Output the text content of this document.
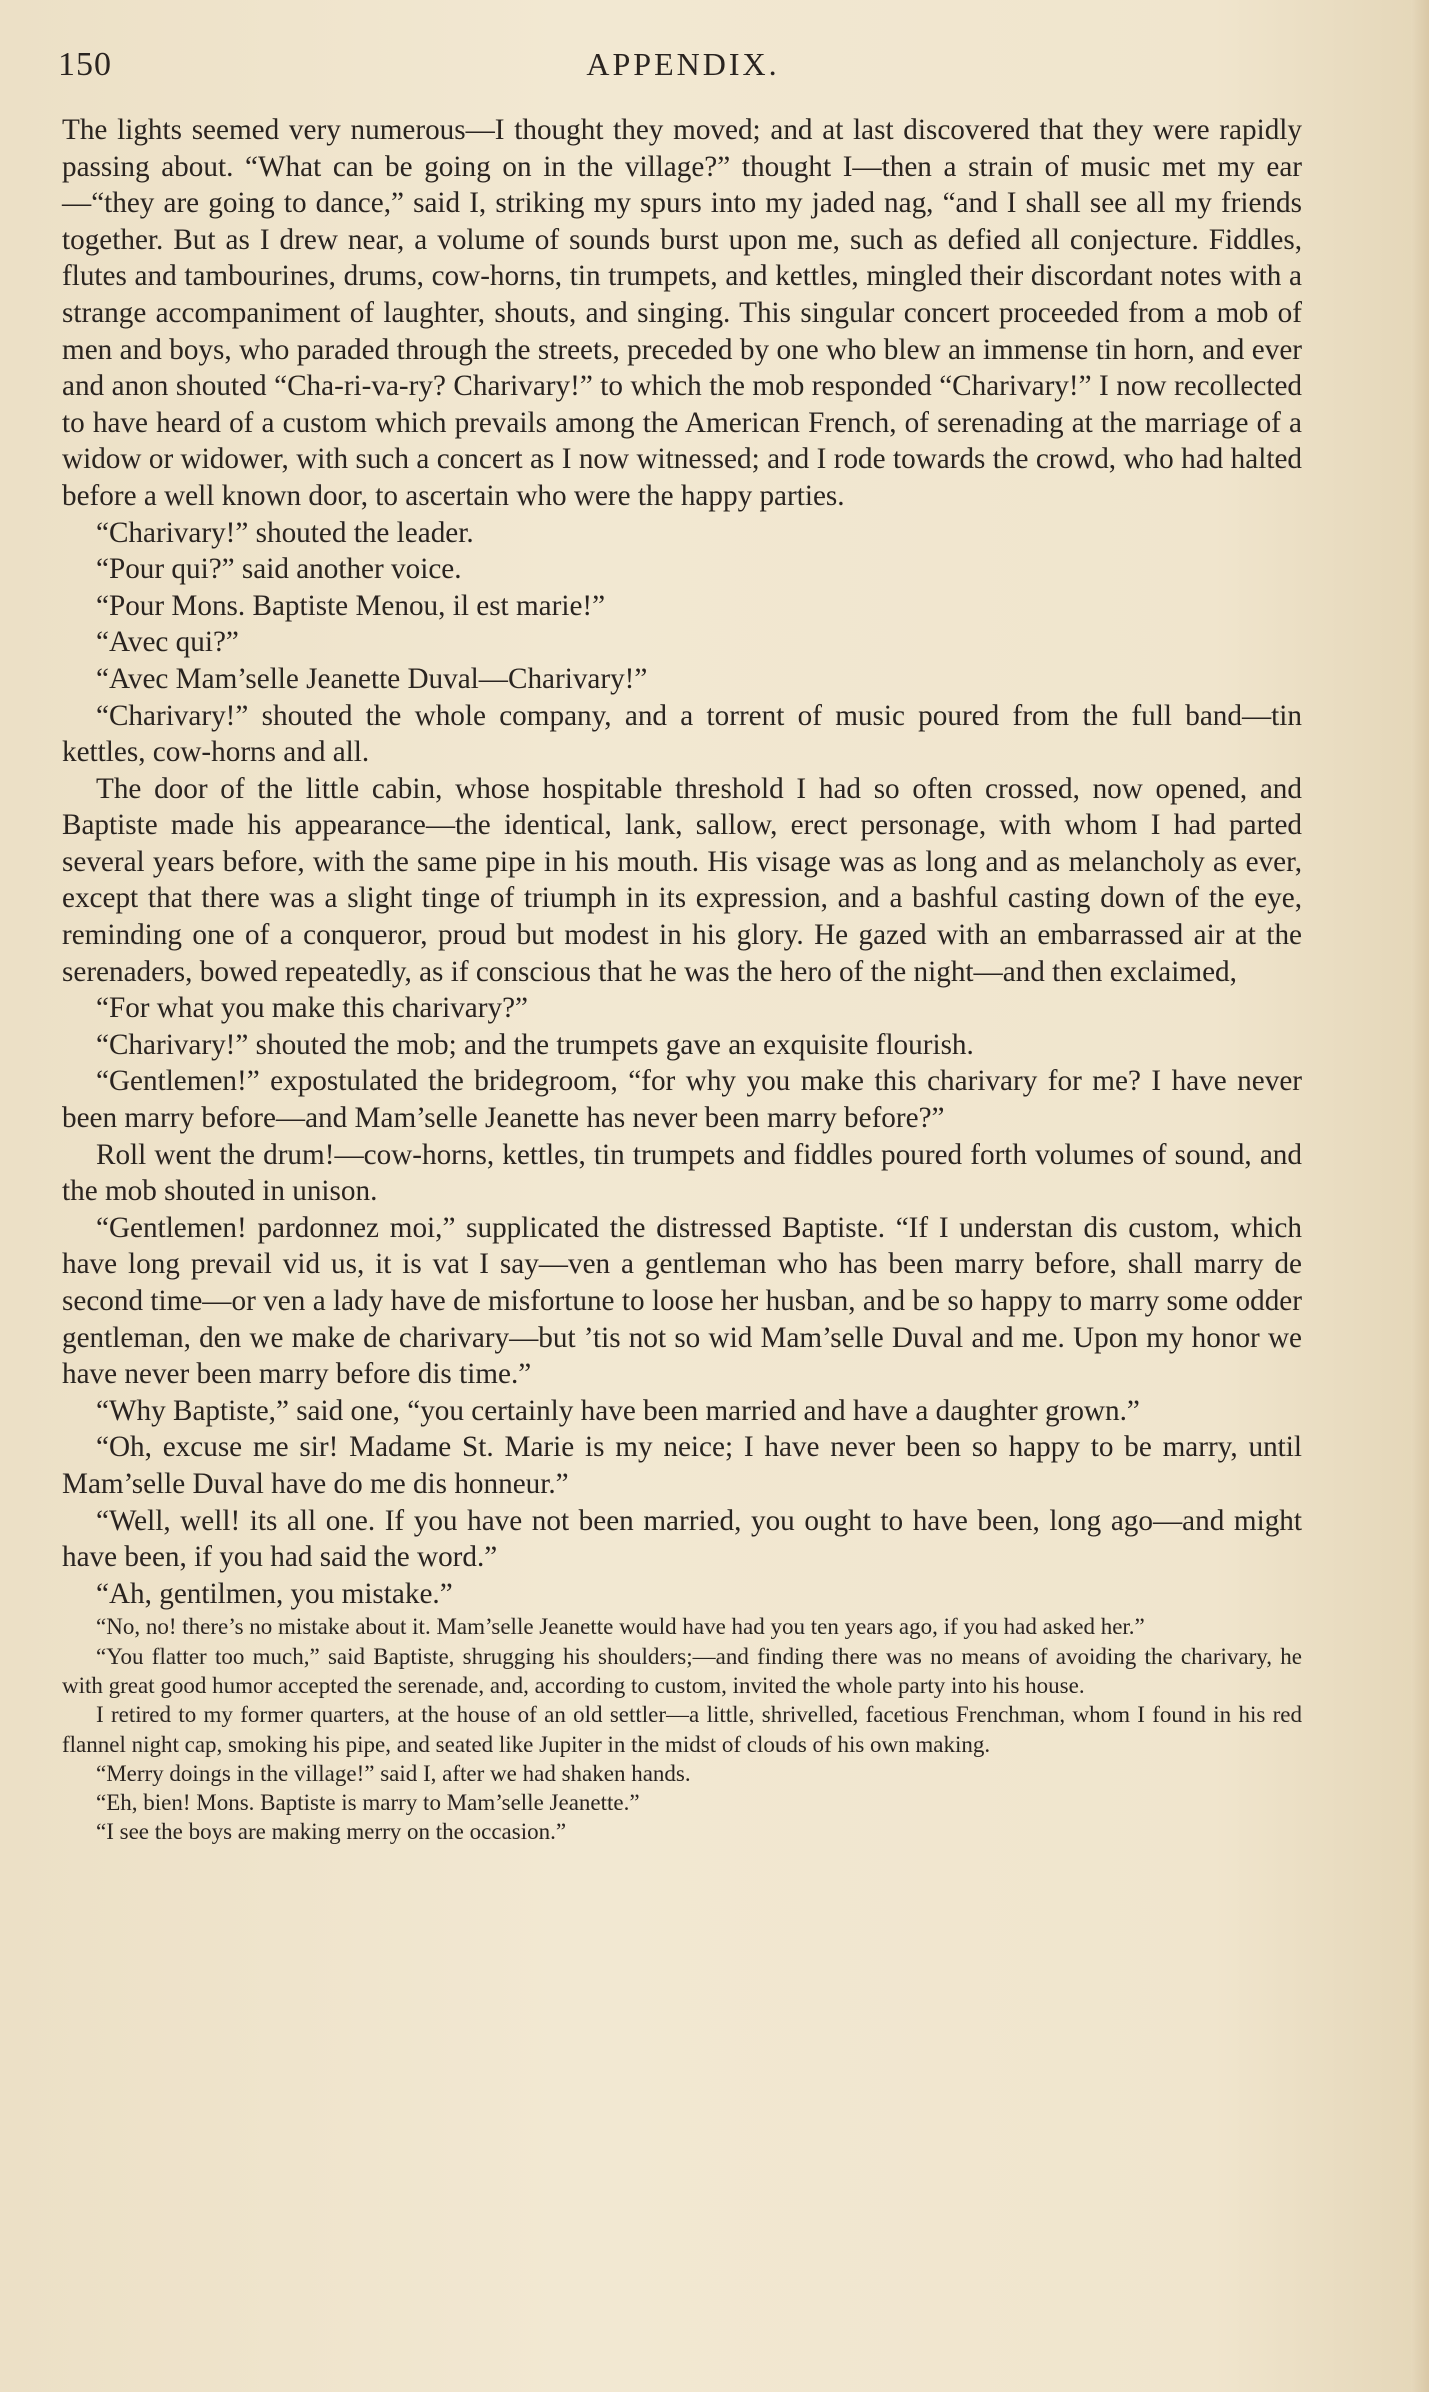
150	APPENDIX.

The lights seemed very numerous—I thought they moved; and at last discovered that they were rapidly passing about. “What can be going on in the village?” thought I—then a strain of music met my ear—“they are going to dance,” said I, striking my spurs into my jaded nag, “and I shall see all my friends together. But as I drew near, a volume of sounds burst upon me, such as defied all conjecture. Fiddles, flutes and tambourines, drums, cow-horns, tin trumpets, and kettles, mingled their discordant notes with a strange accompaniment of laughter, shouts, and singing. This singular concert proceeded from a mob of men and boys, who paraded through the streets, preceded by one who blew an immense tin horn, and ever and anon shouted “Cha-ri-va-ry? Charivary!” to which the mob responded “Charivary!” I now recollected to have heard of a custom which prevails among the American French, of serenading at the marriage of a widow or widower, with such a concert as I now witnessed; and I rode towards the crowd, who had halted before a well known door, to ascertain who were the happy parties.

“Charivary!” shouted the leader.

“Pour qui?” said another voice.

“Pour Mons. Baptiste Menou, il est marie!”

“Avec qui?”

“Avec Mam’selle Jeanette Duval—Charivary!”

“Charivary!” shouted the whole company, and a torrent of music poured from the full band—tin kettles, cow-horns and all.

The door of the little cabin, whose hospitable threshold I had so often crossed, now opened, and Baptiste made his appearance—the identical, lank, sallow, erect personage, with whom I had parted several years before, with the same pipe in his mouth. His visage was as long and as melancholy as ever, except that there was a slight tinge of triumph in its expression, and a bashful casting down of the eye, reminding one of a conqueror, proud but modest in his glory. He gazed with an embarrassed air at the serenaders, bowed repeatedly, as if conscious that he was the hero of the night—and then exclaimed,

“For what you make this charivary?”

“Charivary!” shouted the mob; and the trumpets gave an exquisite flourish.

“Gentlemen!” expostulated the bridegroom, “for why you make this charivary for me? I have never been marry before—and Mam’selle Jeanette has never been marry before?”

Roll went the drum!—cow-horns, kettles, tin trumpets and fiddles poured forth volumes of sound, and the mob shouted in unison.

“Gentlemen! pardonnez moi,” supplicated the distressed Baptiste. “If I understan dis custom, which have long prevail vid us, it is vat I say—ven a gentleman who has been marry before, shall marry de second time—or ven a lady have de misfortune to loose her husban, and be so happy to marry some odder gentleman, den we make de charivary—but ’tis not so wid Mam’selle Duval and me. Upon my honor we have never been marry before dis time.”

“Why Baptiste,” said one, “you certainly have been married and have a daughter grown.”

“Oh, excuse me sir! Madame St. Marie is my neice; I have never been so happy to be marry, until Mam’selle Duval have do me dis honneur.”

“Well, well! its all one. If you have not been married, you ought to have been, long ago—and might have been, if you had said the word.”

“Ah, gentilmen, you mistake.”

“No, no! there’s no mistake about it. Mam’selle Jeanette would have had you ten years ago, if you had asked her.”

“You flatter too much,” said Baptiste, shrugging his shoulders;—and finding there was no means of avoiding the charivary, he with great good humor accepted the serenade, and, according to custom, invited the whole party into his house.

I retired to my former quarters, at the house of an old settler—a little, shrivelled, facetious Frenchman, whom I found in his red flannel night cap, smoking his pipe, and seated like Jupiter in the midst of clouds of his own making.

“Merry doings in the village!” said I, after we had shaken hands.

“Eh, bien! Mons. Baptiste is marry to Mam’selle Jeanette.”

“I see the boys are making merry on the occasion.”
